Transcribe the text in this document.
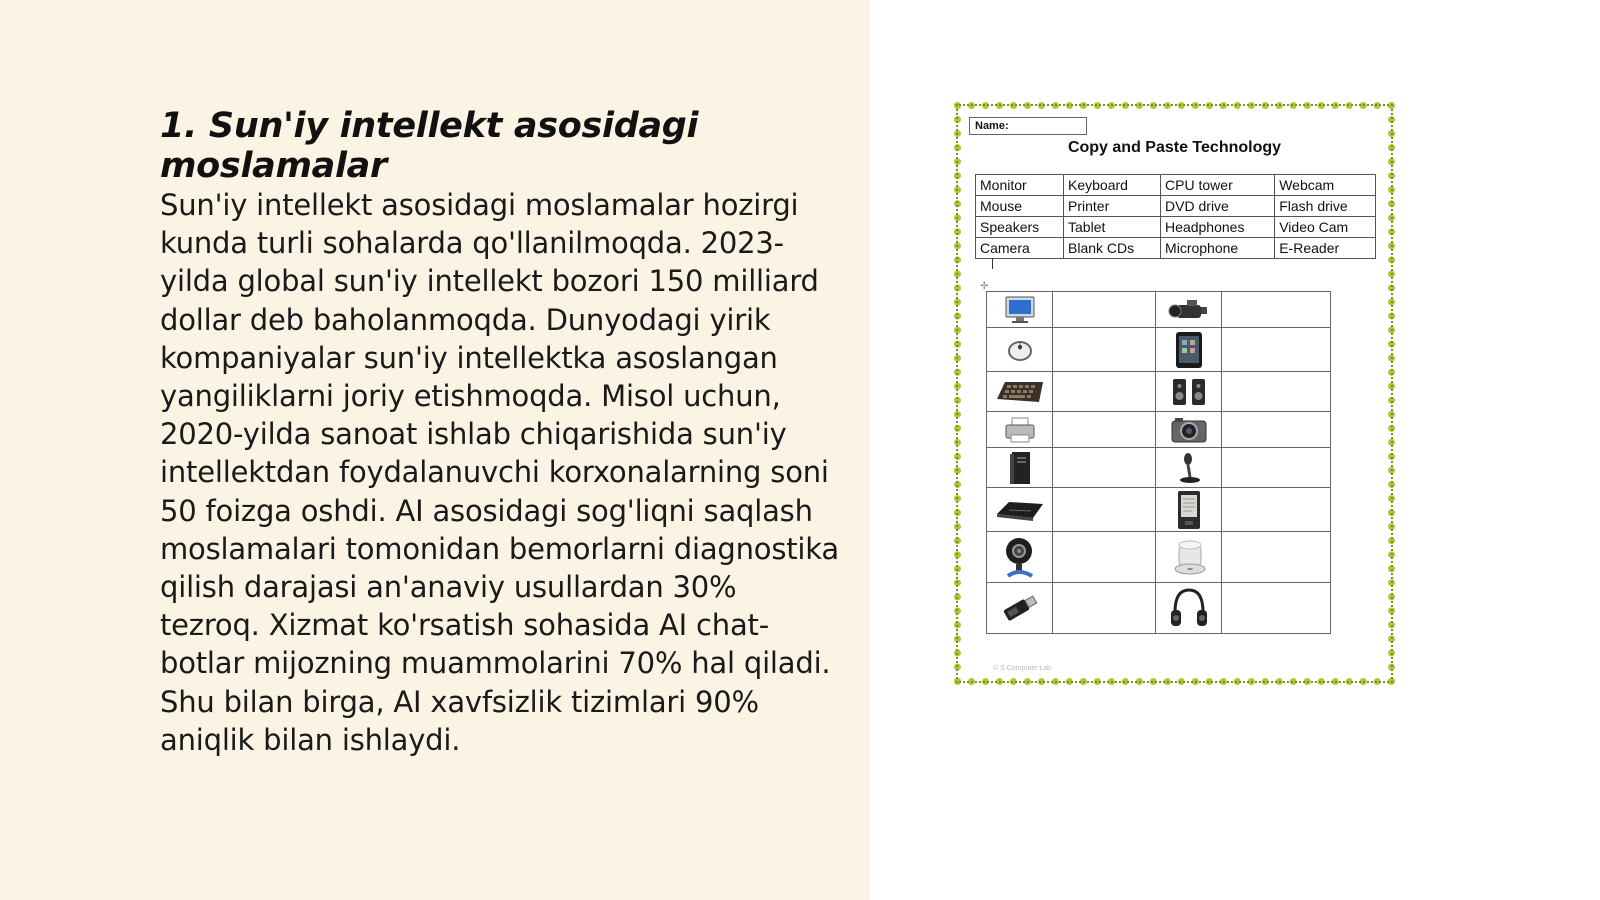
1. Sun'iy intellekt asosidagi moslamalar

Sun'iy intellekt asosidagi moslamalar hozirgi kunda turli sohalarda qo'llanilmoqda. 2023-yilda global sun'iy intellekt bozori 150 milliard dollar deb baholanmoqda. Dunyodagi yirik kompaniyalar sun'iy intellektka asoslangan yangiliklarni joriy etishmoqda. Misol uchun, 2020-yilda sanoat ishlab chiqarishida sun'iy intellektdan foydalanuvchi korxonalarning soni 50 foizga oshdi. AI asosidagi sog'liqni saqlash moslamalari tomonidan bemorlarni diagnostika qilish darajasi an'anaviy usullardan 30% tezroq. Xizmat ko'rsatish sohasida AI chat-botlar mijozning muammolarini 70% hal qiladi. Shu bilan birga, AI xavfsizlik tizimlari 90% aniqlik bilan ishlaydi.

Name:
Copy and Paste Technology
Monitor	Keyboard	CPU tower	Webcam
Mouse	Printer	DVD drive	Flash drive
Speakers	Tablet	Headphones	Video Cam
Camera	Blank CDs	Microphone	E-Reader
✛

© S Computer Lab
